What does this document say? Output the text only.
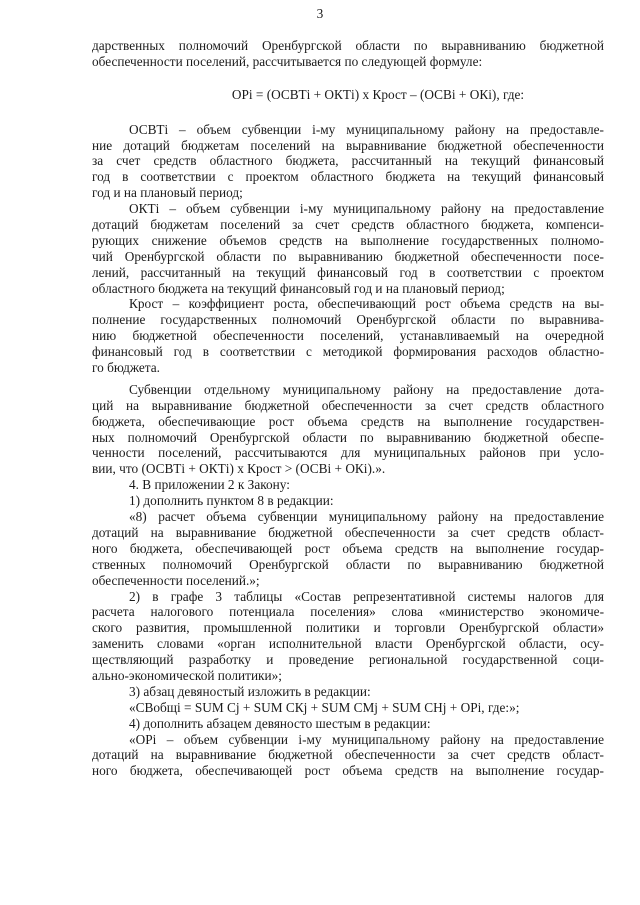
3
дарственных полномочий Оренбургской области по выравниванию бюджетной
обеспеченности поселений, рассчитывается по следующей формуле:
ОРi = (ОСВТi + ОКТi) x Крост – (ОСВi + ОКi), где:
ОСВТi – объем субвенции i-му муниципальному району на предоставле-
ние дотаций бюджетам поселений на выравнивание бюджетной обеспеченности
за счет средств областного бюджета, рассчитанный на текущий финансовый
год в соответствии с проектом областного бюджета на текущий финансовый
год и на плановый период;
ОКТi – объем субвенции i-му муниципальному району на предоставление
дотаций бюджетам поселений за счет средств областного бюджета, компенси-
рующих снижение объемов средств на выполнение государственных полномо-
чий Оренбургской области по выравниванию бюджетной обеспеченности посе-
лений, рассчитанный на текущий финансовый год в соответствии с проектом
областного бюджета на текущий финансовый год и на плановый период;
Крост – коэффициент роста, обеспечивающий рост объема средств на вы-
полнение государственных полномочий Оренбургской области по выравнива-
нию бюджетной обеспеченности поселений, устанавливаемый на очередной
финансовый год в соответствии с методикой формирования расходов областно-
го бюджета.
Субвенции отдельному муниципальному району на предоставление дота-
ций на выравнивание бюджетной обеспеченности за счет средств областного
бюджета, обеспечивающие рост объема средств на выполнение государствен-
ных полномочий Оренбургской области по выравниванию бюджетной обеспе-
ченности поселений, рассчитываются для муниципальных районов при усло-
вии, что (ОСВТi + ОКТi) x Крост > (ОСВi + ОКi).».
4. В приложении 2 к Закону:
1) дополнить пунктом 8 в редакции:
«8) расчет объема субвенции муниципальному району на предоставление
дотаций на выравнивание бюджетной обеспеченности за счет средств област-
ного бюджета, обеспечивающей рост объема средств на выполнение государ-
ственных полномочий Оренбургской области по выравниванию бюджетной
обеспеченности поселений.»;
2) в графе 3 таблицы «Состав репрезентативной системы налогов для
расчета налогового потенциала поселения» слова «министерство экономиче-
ского развития, промышленной политики и торговли Оренбургской области»
заменить словами «орган исполнительной власти Оренбургской области, осу-
ществляющий разработку и проведение региональной государственной соци-
ально-экономической политики»;
3) абзац девяностый изложить в редакции:
«СВобщi = SUM Сj + SUM СКj + SUM СМj + SUM СНj + ОРi, где:»;
4) дополнить абзацем девяносто шестым в редакции:
«ОРi – объем субвенции i-му муниципальному району на предоставление
дотаций на выравнивание бюджетной обеспеченности за счет средств област-
ного бюджета, обеспечивающей рост объема средств на выполнение государ-
